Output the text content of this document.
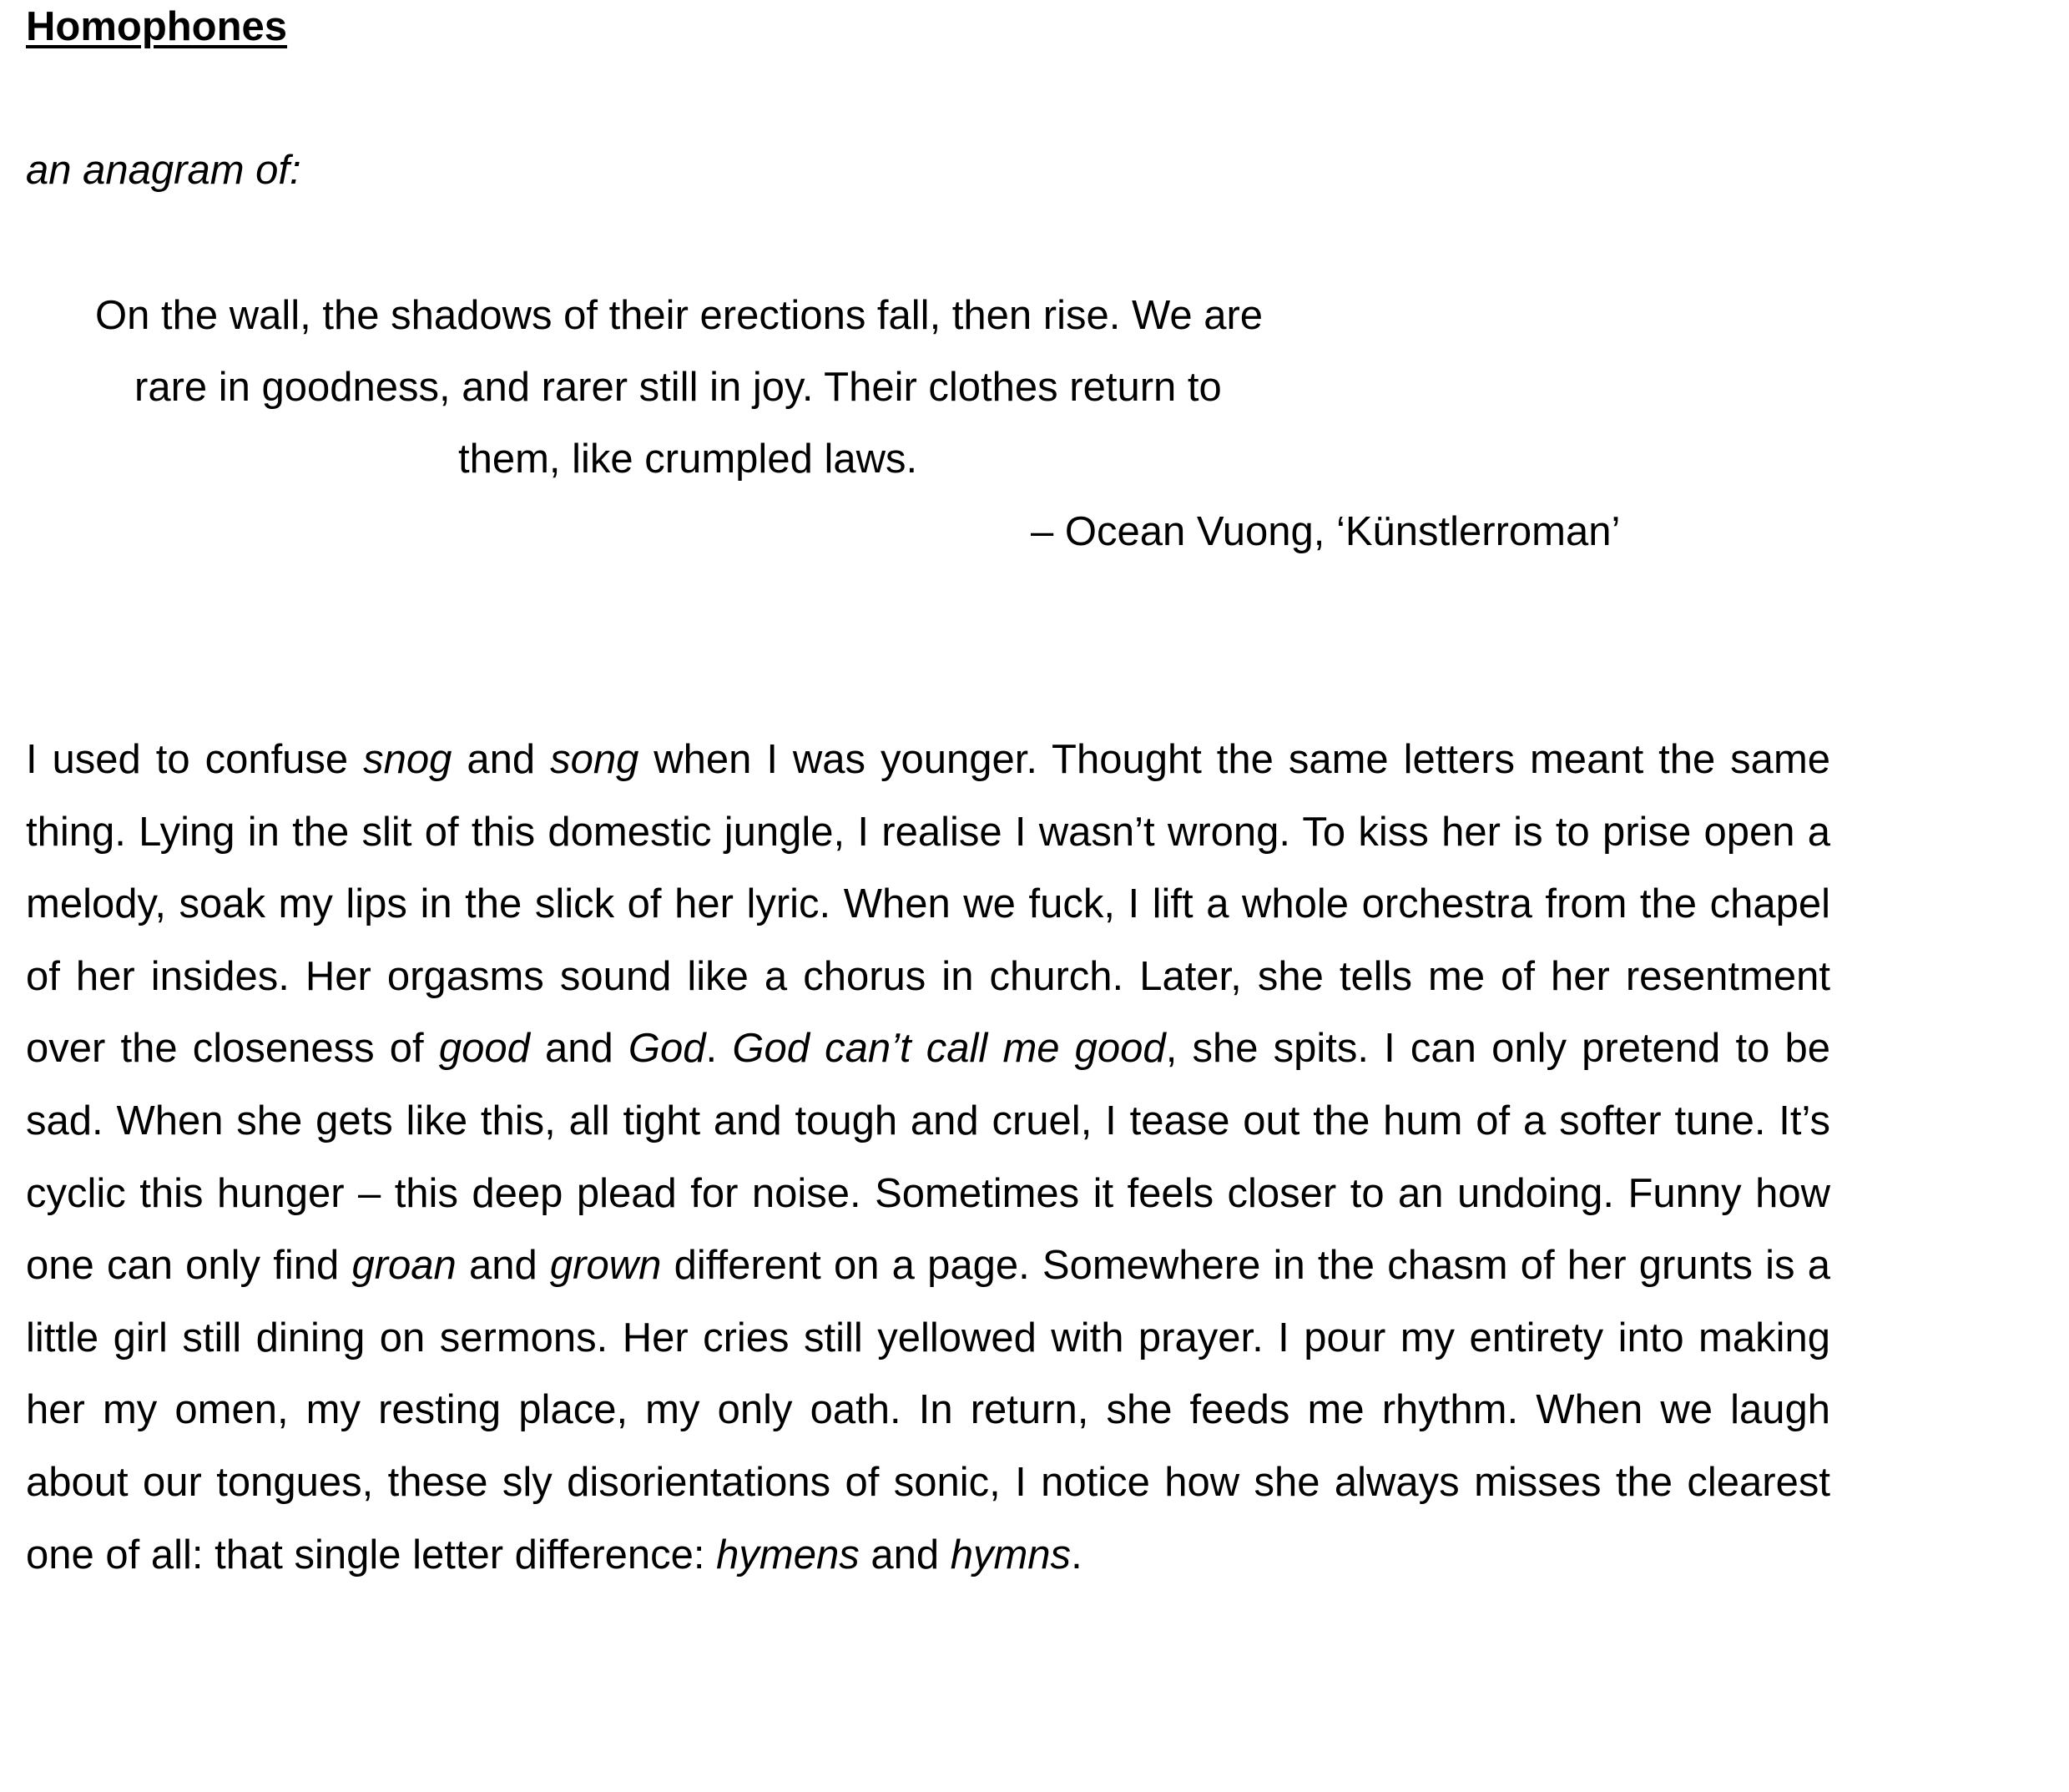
Homophones
an anagram of:
On the wall, the shadows of their erections fall, then rise. We are
rare in goodness, and rarer still in joy. Their clothes return to
them, like crumpled laws.
– Ocean Vuong, ‘Künstlerroman’
I used to confuse snog and song when I was younger. Thought the same letters meant the same thing. Lying in the slit of this domestic jungle, I realise I wasn’t wrong. To kiss her is to prise open a melody, soak my lips in the slick of her lyric. When we fuck, I lift a whole orchestra from the chapel of her insides. Her orgasms sound like a chorus in church. Later, she tells me of her resentment over the closeness of good and God. God can’t call me good, she spits. I can only pretend to be sad. When she gets like this, all tight and tough and cruel, I tease out the hum of a softer tune. It’s cyclic this hunger – this deep plead for noise. Sometimes it feels closer to an undoing. Funny how one can only find groan and grown different on a page. Somewhere in the chasm of her grunts is a little girl still dining on sermons. Her cries still yellowed with prayer. I pour my entirety into making her my omen, my resting place, my only oath. In return, she feeds me rhythm. When we laugh about our tongues, these sly disorientations of sonic, I notice how she always misses the clearest one of all: that single letter difference: hymens and hymns.
